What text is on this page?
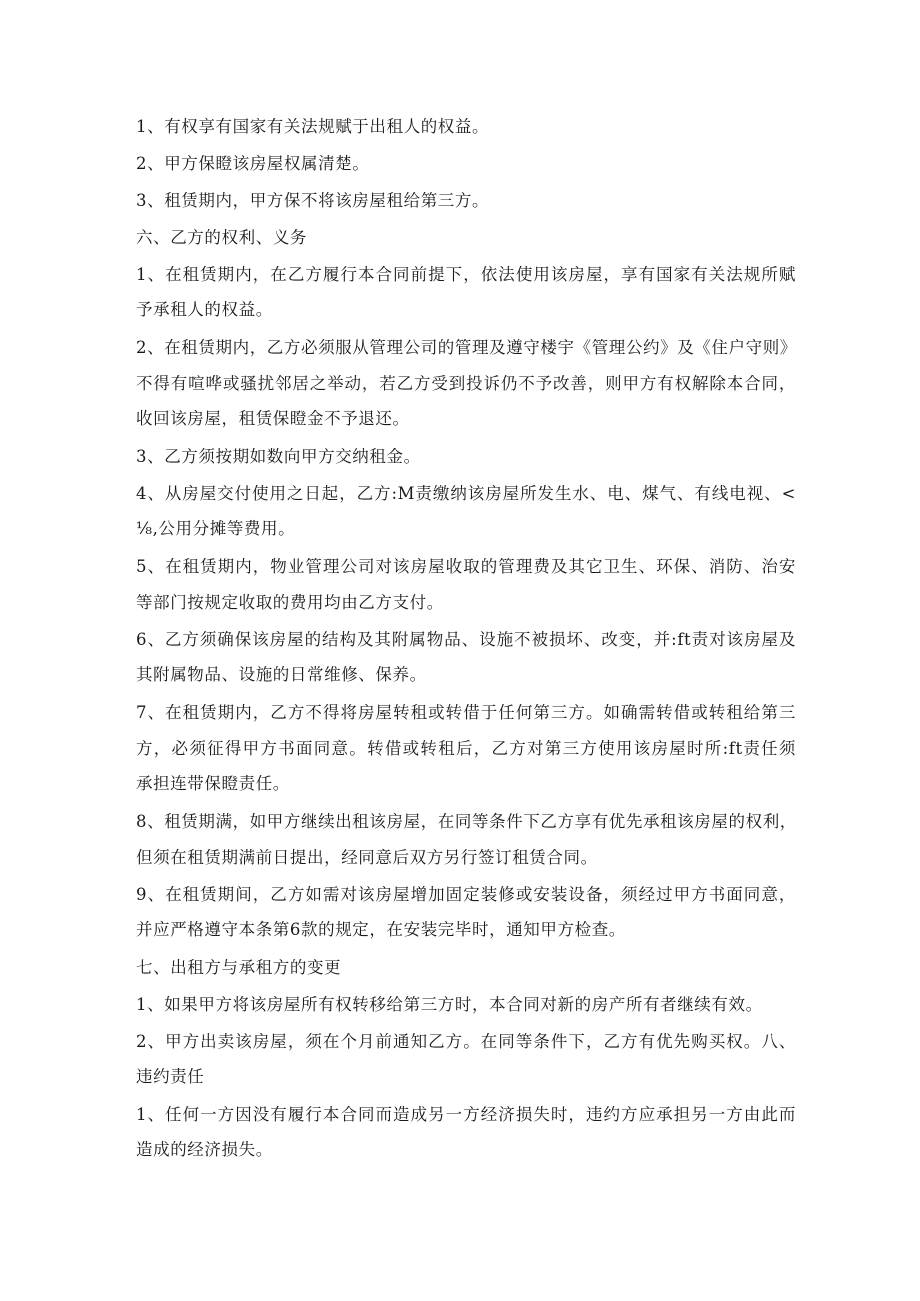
1、有权享有国家有关法规赋于出租人的权益。
2、甲方保瞪该房屋权属清楚。
3、租赁期内，甲方保不将该房屋租给第三方。
六、乙方的权利、义务
1、在租赁期内，在乙方履行本合同前提下，依法使用该房屋，享有国家有关法规所赋
予承租人的权益。
2、在租赁期内，乙方必须服从管理公司的管理及遵守楼宇《管理公约》及《住户守则》
不得有喧哗或骚扰邻居之举动，若乙方受到投诉仍不予改善，则甲方有权解除本合同，
收回该房屋，租赁保瞪金不予退还。
3、乙方须按期如数向甲方交纳租金。
4、从房屋交付使用之日起，乙方:M责缴纳该房屋所发生水、电、煤气、有线电视、<
⅛,公用分摊等费用。
5、在租赁期内，物业管理公司对该房屋收取的管理费及其它卫生、环保、消防、治安
等部门按规定收取的费用均由乙方支付。
6、乙方须确保该房屋的结构及其附属物品、设施不被损坏、改变，并:ft责对该房屋及
其附属物品、设施的日常维修、保养。
7、在租赁期内，乙方不得将房屋转租或转借于任何第三方。如确需转借或转租给第三
方，必须征得甲方书面同意。转借或转租后，乙方对第三方使用该房屋时所:ft责任须
承担连带保瞪责任。
8、租赁期满，如甲方继续出租该房屋，在同等条件下乙方享有优先承租该房屋的权利，
但须在租赁期满前日提出，经同意后双方另行签订租赁合同。
9、在租赁期间，乙方如需对该房屋增加固定装修或安装设备，须经过甲方书面同意，
并应严格遵守本条第6款的规定，在安装完毕时，通知甲方检查。
七、出租方与承租方的变更
1、如果甲方将该房屋所有权转移给第三方时，本合同对新的房产所有者继续有效。
2、甲方出卖该房屋，须在个月前通知乙方。在同等条件下，乙方有优先购买权。八、
违约责任
1、任何一方因没有履行本合同而造成另一方经济损失时，违约方应承担另一方由此而
造成的经济损失。
